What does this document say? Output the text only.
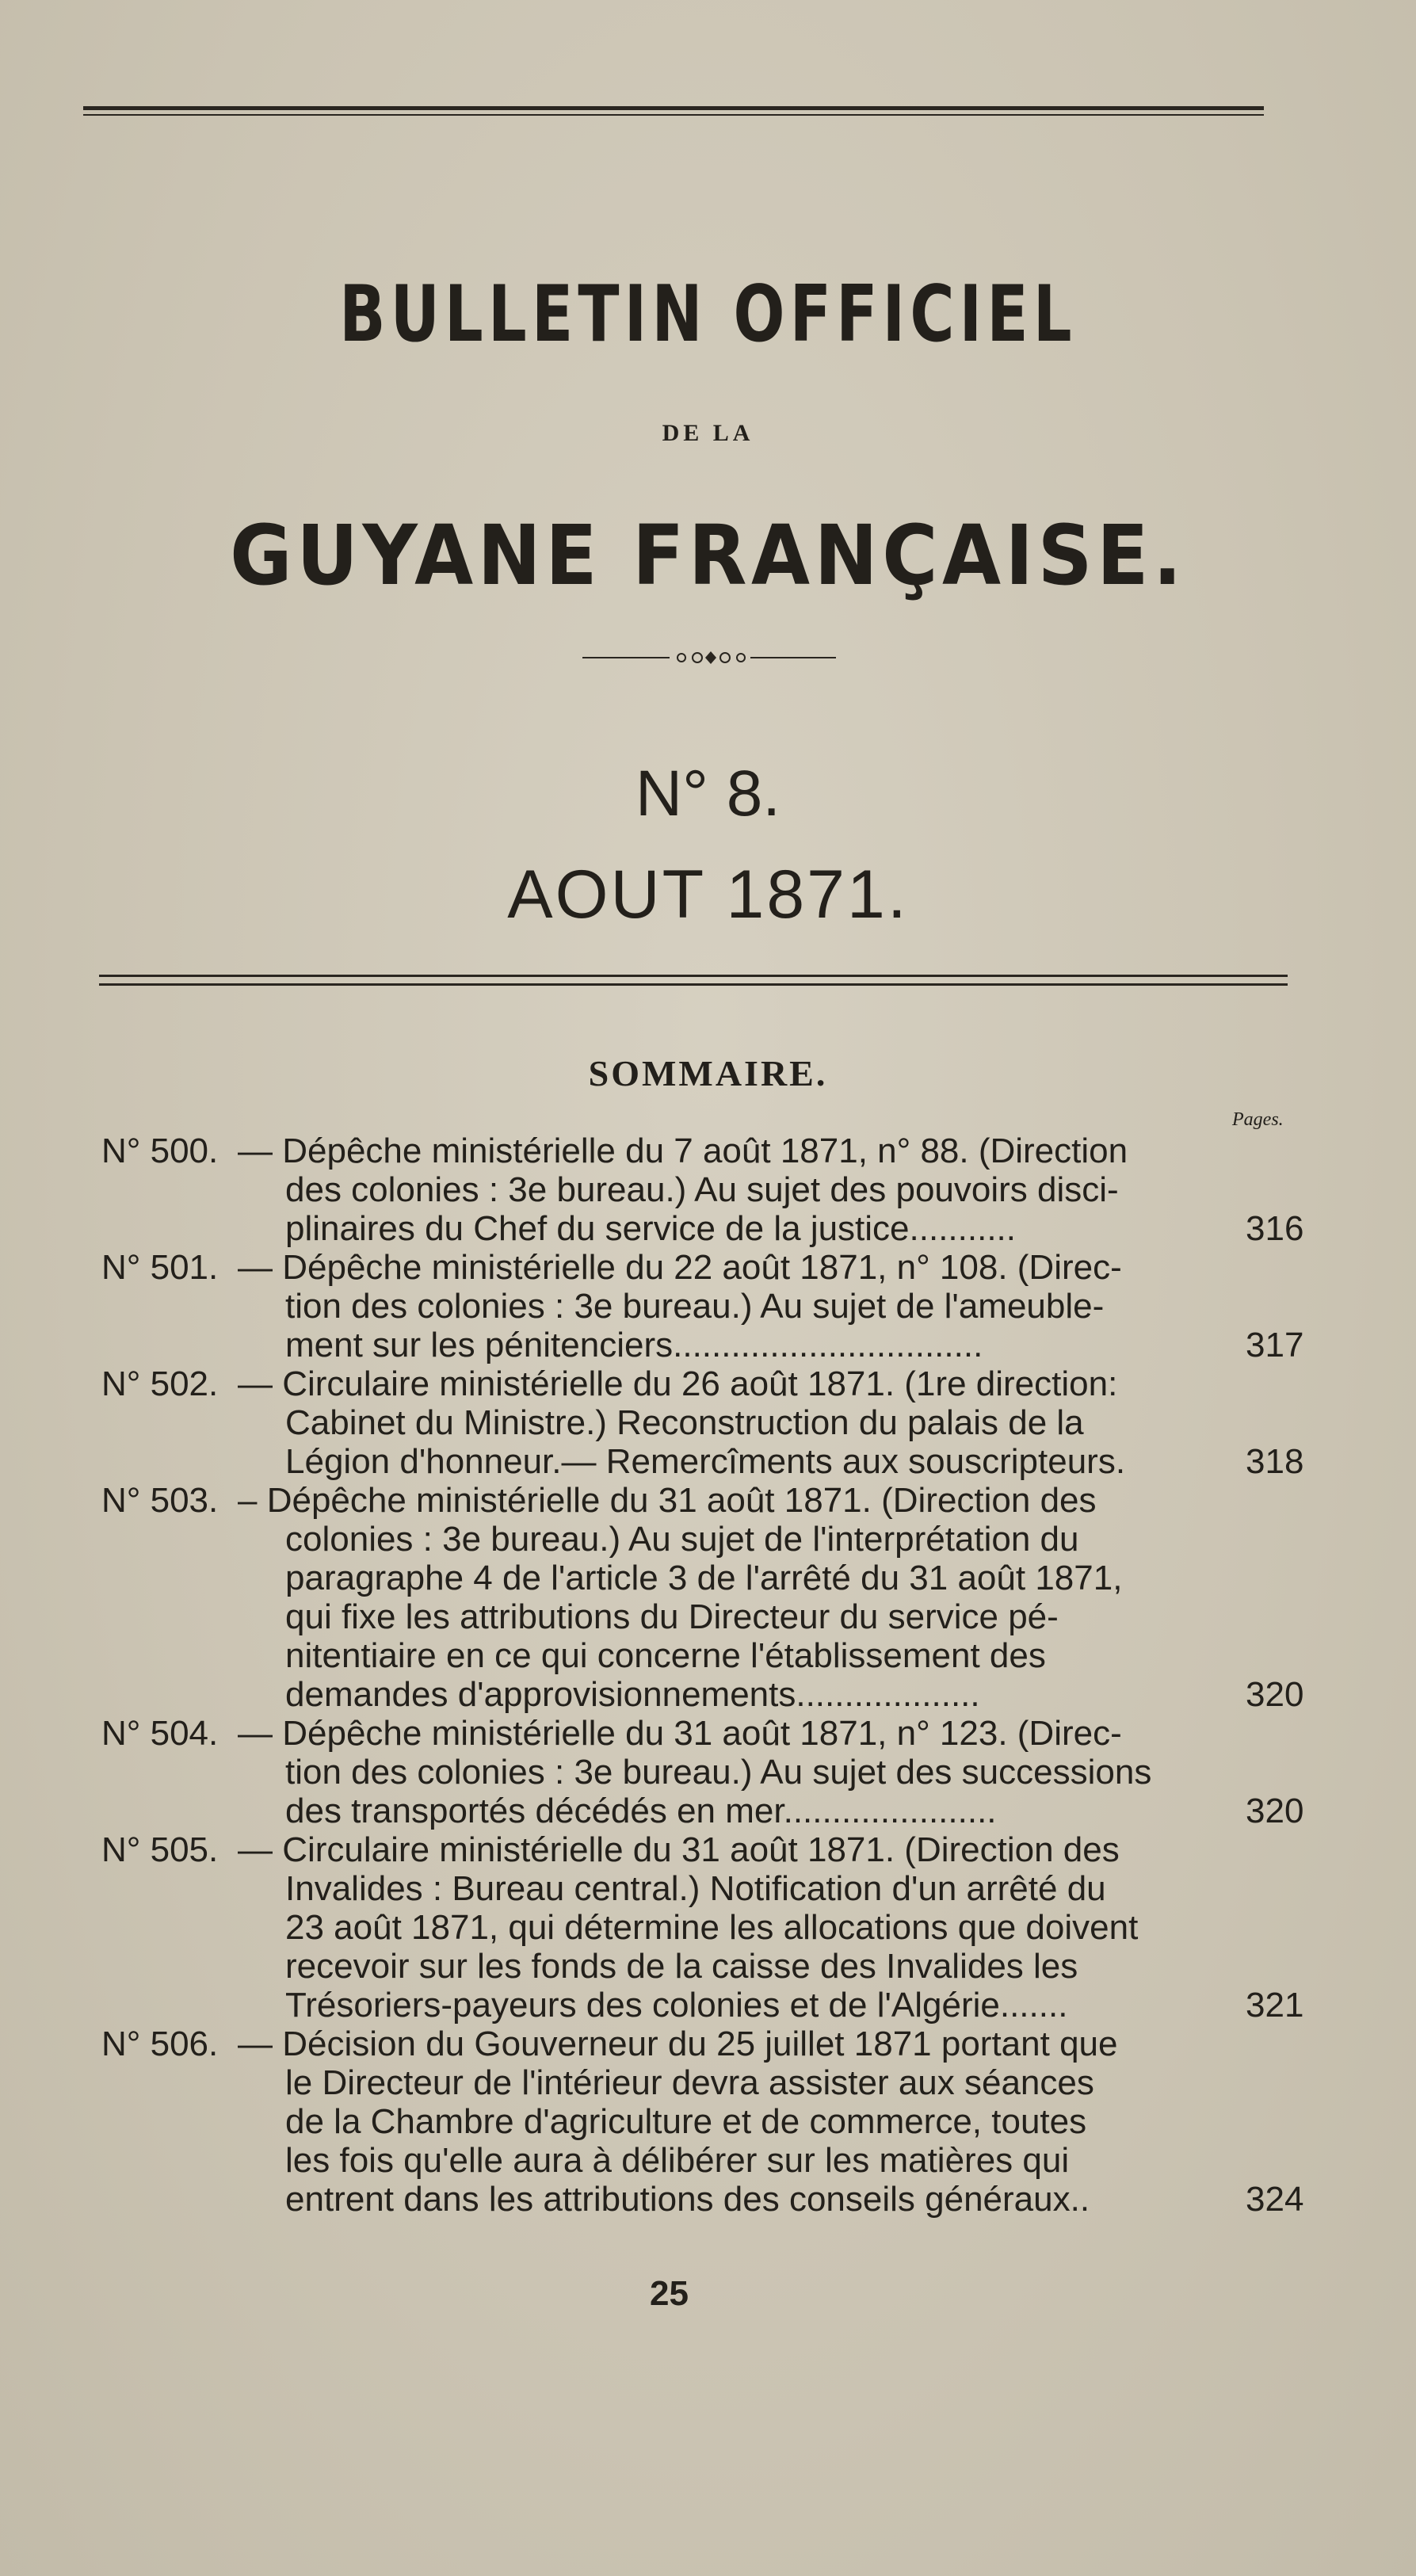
BULLETIN OFFICIEL
DE LA
GUYANE FRANÇAISE.
N° 8.
AOUT 1871.
SOMMAIRE.
Pages.
N° 500. — Dépêche ministérielle du 7 août 1871, n° 88. (Direction
des colonies : 3e bureau.) Au sujet des pouvoirs disci-
plinaires du Chef du service de la justice...........	316
N° 501. — Dépêche ministérielle du 22 août 1871, n° 108. (Direc-
tion des colonies : 3e bureau.) Au sujet de l'ameuble-
ment sur les pénitenciers................................	317
N° 502. — Circulaire ministérielle du 26 août 1871. (1re direction:
Cabinet du Ministre.) Reconstruction du palais de la
Légion d'honneur.— Remercîments aux souscripteurs.	318
N° 503. – Dépêche ministérielle du 31 août 1871. (Direction des
colonies : 3e bureau.) Au sujet de l'interprétation du
paragraphe 4 de l'article 3 de l'arrêté du 31 août 1871,
qui fixe les attributions du Directeur du service pé-
nitentiaire en ce qui concerne l'établissement des
demandes d'approvisionnements...................	320
N° 504. — Dépêche ministérielle du 31 août 1871, n° 123. (Direc-
tion des colonies : 3e bureau.) Au sujet des successions
des transportés décédés en mer......................	320
N° 505. — Circulaire ministérielle du 31 août 1871. (Direction des
Invalides : Bureau central.) Notification d'un arrêté du
23 août 1871, qui détermine les allocations que doivent
recevoir sur les fonds de la caisse des Invalides les
Trésoriers-payeurs des colonies et de l'Algérie.......	321
N° 506. — Décision du Gouverneur du 25 juillet 1871 portant que
le Directeur de l'intérieur devra assister aux séances
de la Chambre d'agriculture et de commerce, toutes
les fois qu'elle aura à délibérer sur les matières qui
entrent dans les attributions des conseils généraux..	324
25
